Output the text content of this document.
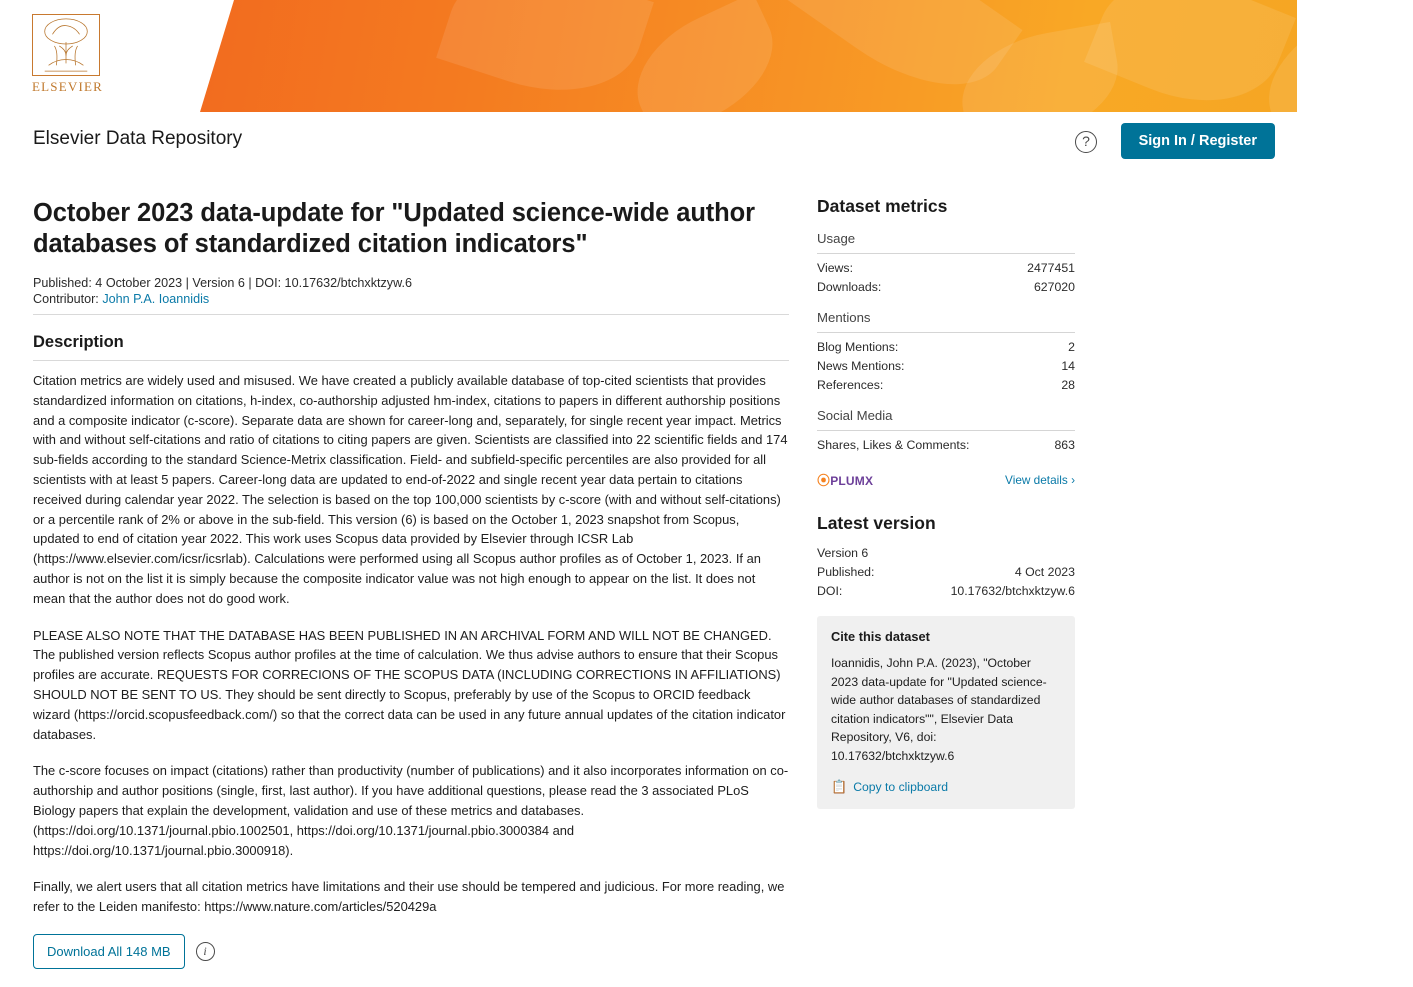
ELSEVIER
Elsevier Data Repository	?	Sign In / Register
October 2023 data-update for "Updated science-wide author databases of standardized citation indicators"
Published: 4 October 2023 | Version 6 | DOI: 10.17632/btchxktzyw.6
Contributor: John P.A. Ioannidis
Description

Citation metrics are widely used and misused. We have created a publicly available database of top-cited scientists that provides standardized information on citations, h-index, co-authorship adjusted hm-index, citations to papers in different authorship positions and a composite indicator (c-score). Separate data are shown for career-long and, separately, for single recent year impact. Metrics with and without self-citations and ratio of citations to citing papers are given. Scientists are classified into 22 scientific fields and 174 sub-fields according to the standard Science-Metrix classification. Field- and subfield-specific percentiles are also provided for all scientists with at least 5 papers. Career-long data are updated to end-of-2022 and single recent year data pertain to citations received during calendar year 2022. The selection is based on the top 100,000 scientists by c-score (with and without self-citations) or a percentile rank of 2% or above in the sub-field. This version (6) is based on the October 1, 2023 snapshot from Scopus, updated to end of citation year 2022. This work uses Scopus data provided by Elsevier through ICSR Lab (https://www.elsevier.com/icsr/icsrlab). Calculations were performed using all Scopus author profiles as of October 1, 2023. If an author is not on the list it is simply because the composite indicator value was not high enough to appear on the list. It does not mean that the author does not do good work.

PLEASE ALSO NOTE THAT THE DATABASE HAS BEEN PUBLISHED IN AN ARCHIVAL FORM AND WILL NOT BE CHANGED. The published version reflects Scopus author profiles at the time of calculation. We thus advise authors to ensure that their Scopus profiles are accurate. REQUESTS FOR CORRECIONS OF THE SCOPUS DATA (INCLUDING CORRECTIONS IN AFFILIATIONS) SHOULD NOT BE SENT TO US. They should be sent directly to Scopus, preferably by use of the Scopus to ORCID feedback wizard (https://orcid.scopusfeedback.com/) so that the correct data can be used in any future annual updates of the citation indicator databases.

The c-score focuses on impact (citations) rather than productivity (number of publications) and it also incorporates information on co-authorship and author positions (single, first, last author). If you have additional questions, please read the 3 associated PLoS Biology papers that explain the development, validation and use of these metrics and databases. (https://doi.org/10.1371/journal.pbio.1002501, https://doi.org/10.1371/journal.pbio.3000384 and https://doi.org/10.1371/journal.pbio.3000918).

Finally, we alert users that all citation metrics have limitations and their use should be tempered and judicious. For more reading, we refer to the Leiden manifesto: https://www.nature.com/articles/520429a

Download All 148 MB	i
Dataset metrics
Usage
Views:	2477451
Downloads:	627020
Mentions
Blog Mentions:	2
News Mentions:	14
References:	28
Social Media
Shares, Likes & Comments:	863
⦿PLUMX	View details ›
Latest version
Version 6
Published:	4 Oct 2023
DOI:	10.17632/btchxktzyw.6
Cite this dataset
Ioannidis, John P.A. (2023), "October 2023 data-update for "Updated science-wide author databases of standardized citation indicators"", Elsevier Data Repository, V6, doi: 10.17632/btchxktzyw.6
📋 Copy to clipboard
